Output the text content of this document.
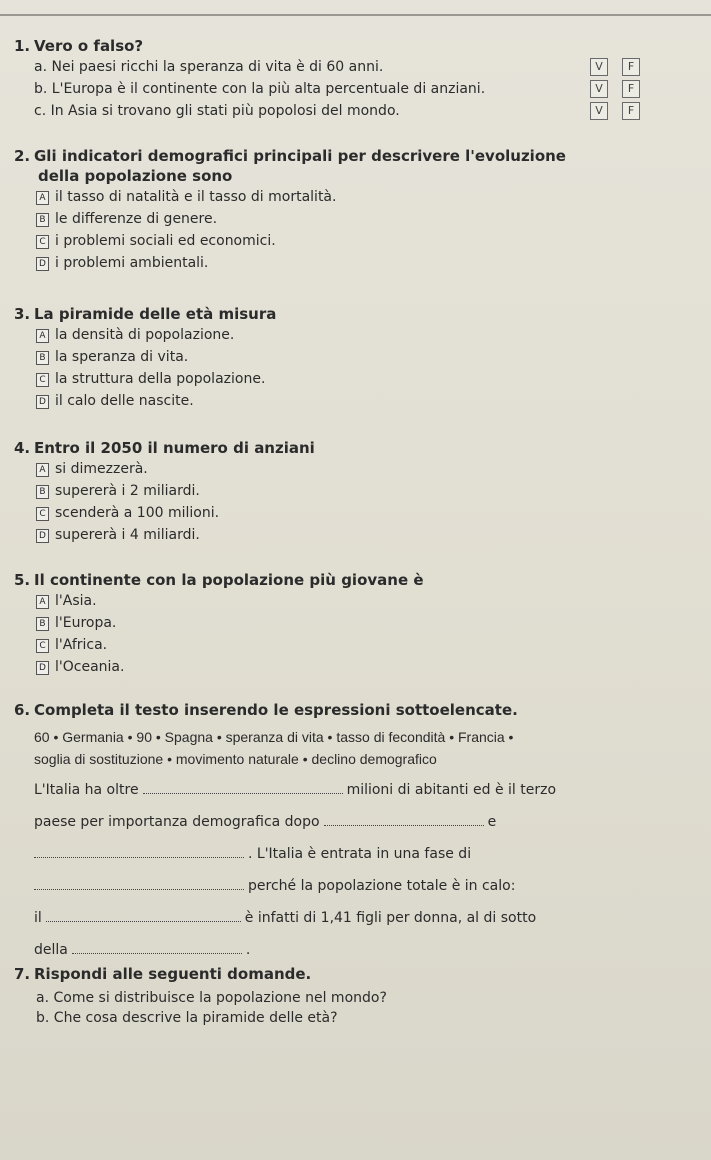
1. Vero o falso?
a. Nei paesi ricchi la speranza di vita è di 60 anni.	V	F
b. L'Europa è il continente con la più alta percentuale di anziani.	V	F
c. In Asia si trovano gli stati più popolosi del mondo.	V	F
2. Gli indicatori demografici principali per descrivere l'evoluzione
della popolazione sono
A il tasso di natalità e il tasso di mortalità.
B le differenze di genere.
C i problemi sociali ed economici.
D i problemi ambientali.
3. La piramide delle età misura
A la densità di popolazione.
B la speranza di vita.
C la struttura della popolazione.
D il calo delle nascite.
4. Entro il 2050 il numero di anziani
A si dimezzerà.
B supererà i 2 miliardi.
C scenderà a 100 milioni.
D supererà i 4 miliardi.
5. Il continente con la popolazione più giovane è
A l'Asia.
B l'Europa.
C l'Africa.
D l'Oceania.
6. Completa il testo inserendo le espressioni sottoelencate.
60 • Germania • 90 • Spagna • speranza di vita • tasso di fecondità • Francia •
soglia di sostituzione • movimento naturale • declino demografico
L'Italia ha oltre	milioni di abitanti ed è il terzo
paese per importanza demografica dopo	e
. L'Italia è entrata in una fase di
perché la popolazione totale è in calo:
il	è infatti di 1,41 figli per donna, al di sotto
della	.
7. Rispondi alle seguenti domande.
a. Come si distribuisce la popolazione nel mondo?
b. Che cosa descrive la piramide delle età?
